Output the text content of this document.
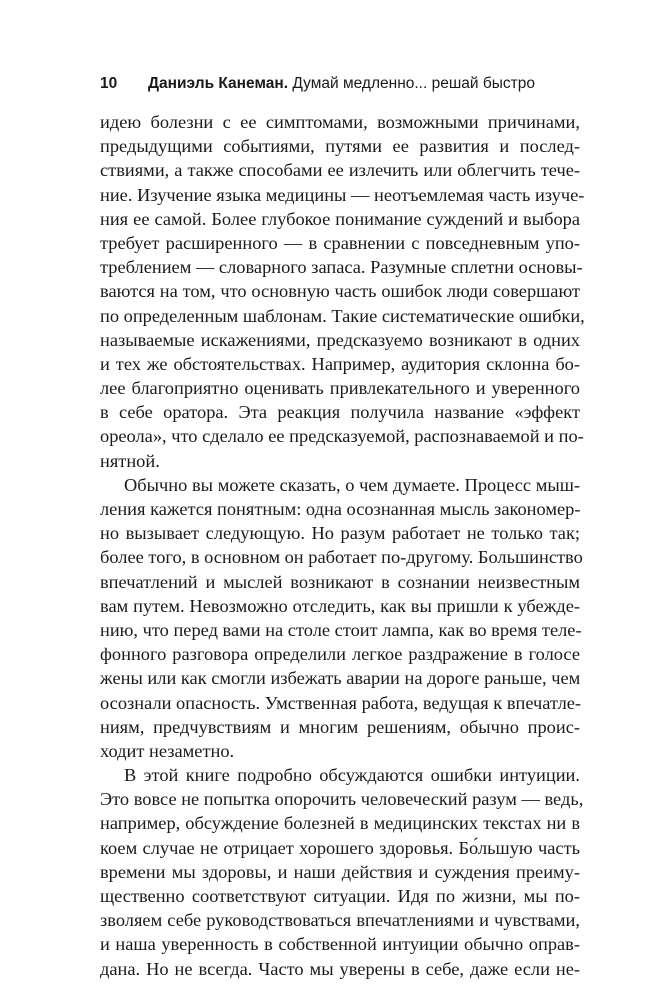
10 Даниэль Канеман. Думай медленно... решай быстро
идею болезни с ее симптомами, возможными причинами,
предыдущими событиями, путями ее развития и послед-
ствиями, а также способами ее излечить или облегчить тече-
ние. Изучение языка медицины — неотъемлемая часть изуче-
ния ее самой. Более глубокое понимание суждений и выбора
требует расширенного — в сравнении с повседневным упо-
треблением — словарного запаса. Разумные сплетни основы-
ваются на том, что основную часть ошибок люди совершают
по определенным шаблонам. Такие систематические ошибки,
называемые искажениями, предсказуемо возникают в одних
и тех же обстоятельствах. Например, аудитория склонна бо-
лее благоприятно оценивать привлекательного и уверенного
в себе оратора. Эта реакция получила название «эффект
ореола», что сделало ее предсказуемой, распознаваемой и по-
нятной.
Обычно вы можете сказать, о чем думаете. Процесс мыш-
ления кажется понятным: одна осознанная мысль закономер-
но вызывает следующую. Но разум работает не только так;
более того, в основном он работает по-другому. Большинство
впечатлений и мыслей возникают в сознании неизвестным
вам путем. Невозможно отследить, как вы пришли к убежде-
нию, что перед вами на столе стоит лампа, как во время теле-
фонного разговора определили легкое раздражение в голосе
жены или как смогли избежать аварии на дороге раньше, чем
осознали опасность. Умственная работа, ведущая к впечатле-
ниям, предчувствиям и многим решениям, обычно проис-
ходит незаметно.
В этой книге подробно обсуждаются ошибки интуиции.
Это вовсе не попытка опорочить человеческий разум — ведь,
например, обсуждение болезней в медицинских текстах ни в
коем случае не отрицает хорошего здоровья. Бо́льшую часть
времени мы здоровы, и наши действия и суждения преиму-
щественно соответствуют ситуации. Идя по жизни, мы по-
зволяем себе руководствоваться впечатлениями и чувствами,
и наша уверенность в собственной интуиции обычно оправ-
дана. Но не всегда. Часто мы уверены в себе, даже если не-
